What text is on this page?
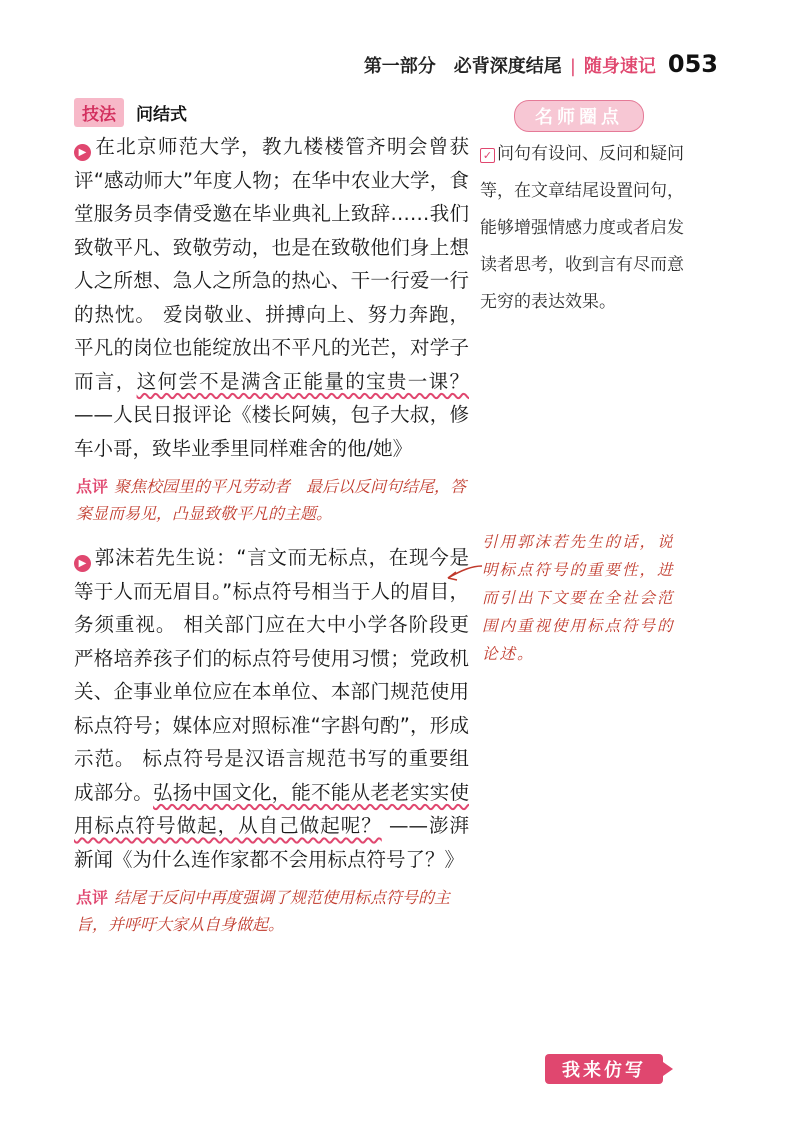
第一部分　必背深度结尾 | 随身速记 053
技法	问结式	名师圈点
✓ 问句有设问、反问和疑问等，在文章结尾设置问句，能够增强情感力度或者启发读者思考，收到言有尽而意无穷的表达效果。

▶ 在北京师范大学，教九楼楼管齐明会曾获评“感动师大”年度人物；在华中农业大学，食堂服务员李倩受邀在毕业典礼上致辞……我们致敬平凡、致敬劳动，也是在致敬他们身上想人之所想、急人之所急的热心、干一行爱一行的热忱。 爱岗敬业、拼搏向上、努力奔跑，平凡的岗位也能绽放出不平凡的光芒，对学子而言，这何尝不是满含正能量的宝贵一课？ ——人民日报评论《楼长阿姨，包子大叔，修车小哥，致毕业季里同样难舍的他/她》

点评 聚焦校园里的平凡劳动者　最后以反问句结尾，答案显而易见，凸显致敬平凡的主题。

▶ 郭沫若先生说：“言文而无标点，在现今是等于人而无眉目。”标点符号相当于人的眉目，务须重视。 相关部门应在大中小学各阶段更严格培养孩子们的标点符号使用习惯；党政机关、企事业单位应在本单位、本部门规范使用标点符号；媒体应对照标准“字斟句酌”，形成示范。 标点符号是汉语言规范书写的重要组成部分。弘扬中国文化，能不能从老老实实使用标点符号做起，从自己做起呢？ ——澎湃新闻《为什么连作家都不会用标点符号了？》

点评 结尾于反问中再度强调了规范使用标点符号的主旨，并呼吁大家从自身做起。
引用郭沫若先生的话，说明标点符号的重要性，进而引出下文要在全社会范围内重视使用标点符号的论述。
我来仿写
